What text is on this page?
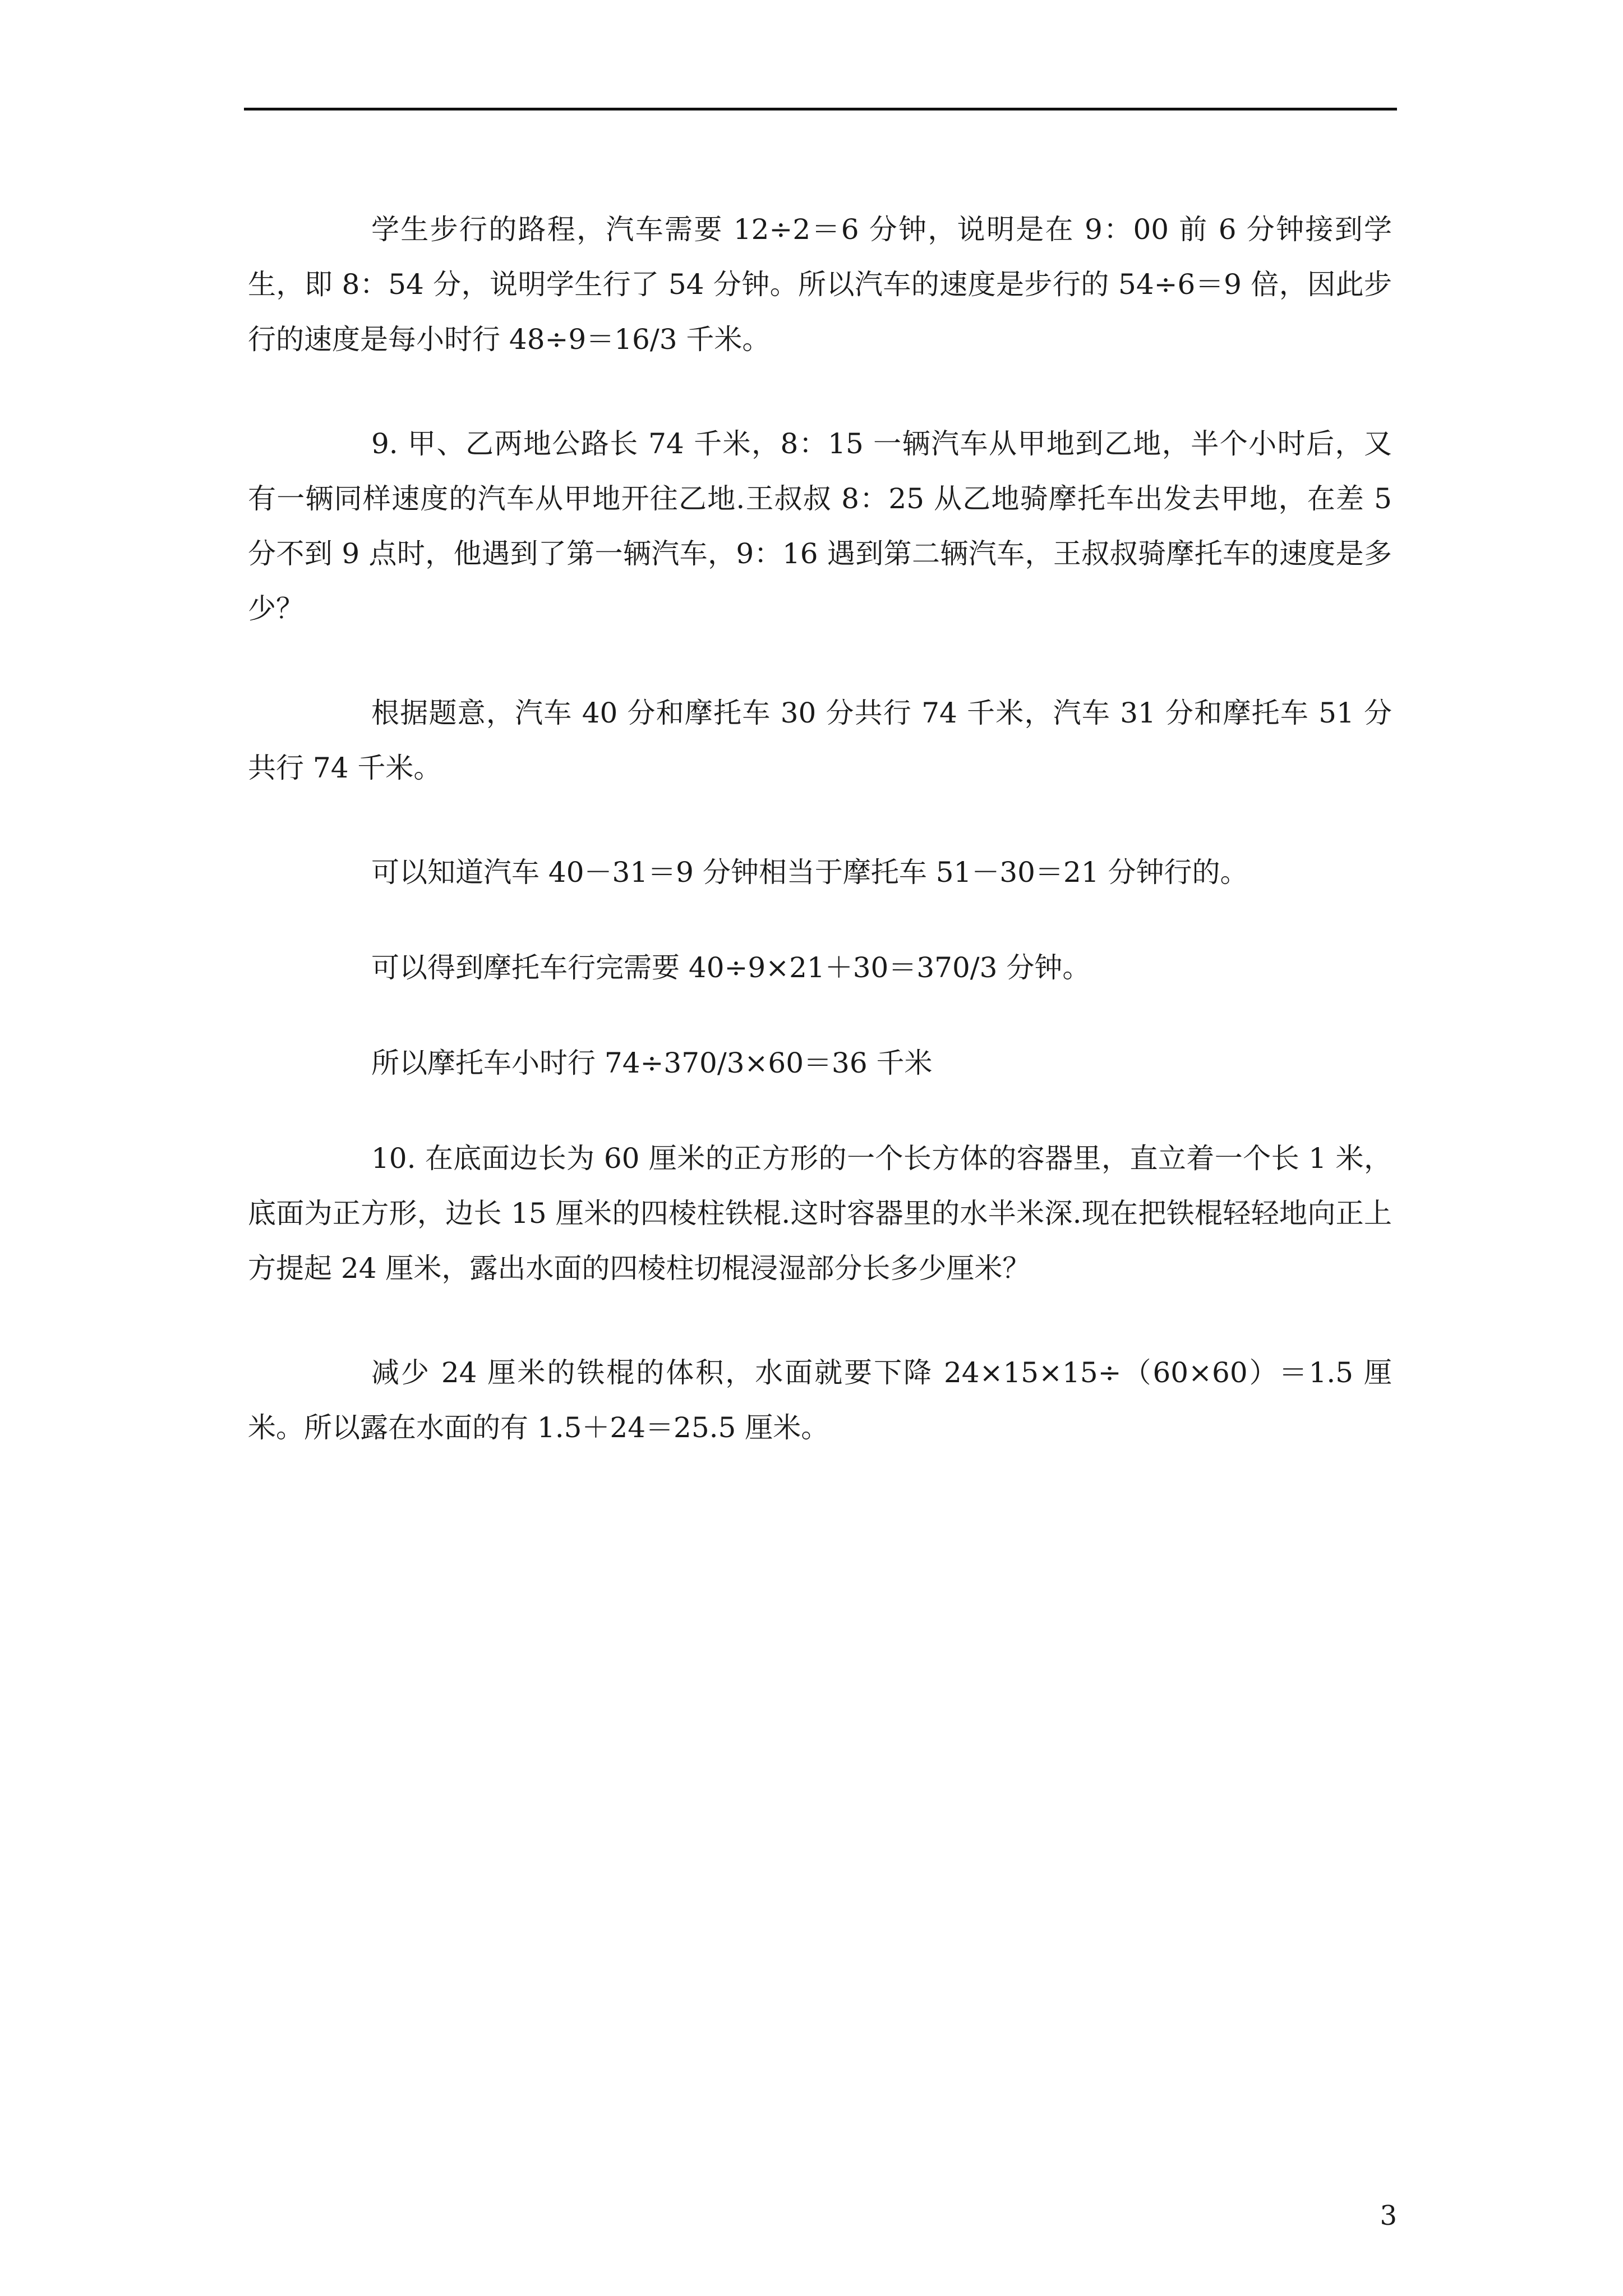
学生步行的路程，汽车需要 12÷2＝6 分钟，说明是在 9：00 前 6 分钟接到学生，即 8：54 分，说明学生行了 54 分钟。所以汽车的速度是步行的 54÷6＝9 倍，因此步行的速度是每小时行 48÷9＝16/3 千米。

9. 甲、乙两地公路长 74 千米，8：15 一辆汽车从甲地到乙地，半个小时后，又有一辆同样速度的汽车从甲地开往乙地.王叔叔 8：25 从乙地骑摩托车出发去甲地，在差 5 分不到 9 点时，他遇到了第一辆汽车，9：16 遇到第二辆汽车，王叔叔骑摩托车的速度是多少？

根据题意，汽车 40 分和摩托车 30 分共行 74 千米，汽车 31 分和摩托车 51 分共行 74 千米。

可以知道汽车 40－31＝9 分钟相当于摩托车 51－30＝21 分钟行的。

可以得到摩托车行完需要 40÷9×21＋30＝370/3 分钟。

所以摩托车小时行 74÷370/3×60＝36 千米

10. 在底面边长为 60 厘米的正方形的一个长方体的容器里，直立着一个长 1 米，底面为正方形，边长 15 厘米的四棱柱铁棍.这时容器里的水半米深.现在把铁棍轻轻地向正上方提起 24 厘米，露出水面的四棱柱切棍浸湿部分长多少厘米？

减少 24 厘米的铁棍的体积，水面就要下降 24×15×15÷（60×60）＝1.5 厘米。所以露在水面的有 1.5＋24＝25.5 厘米。

3
